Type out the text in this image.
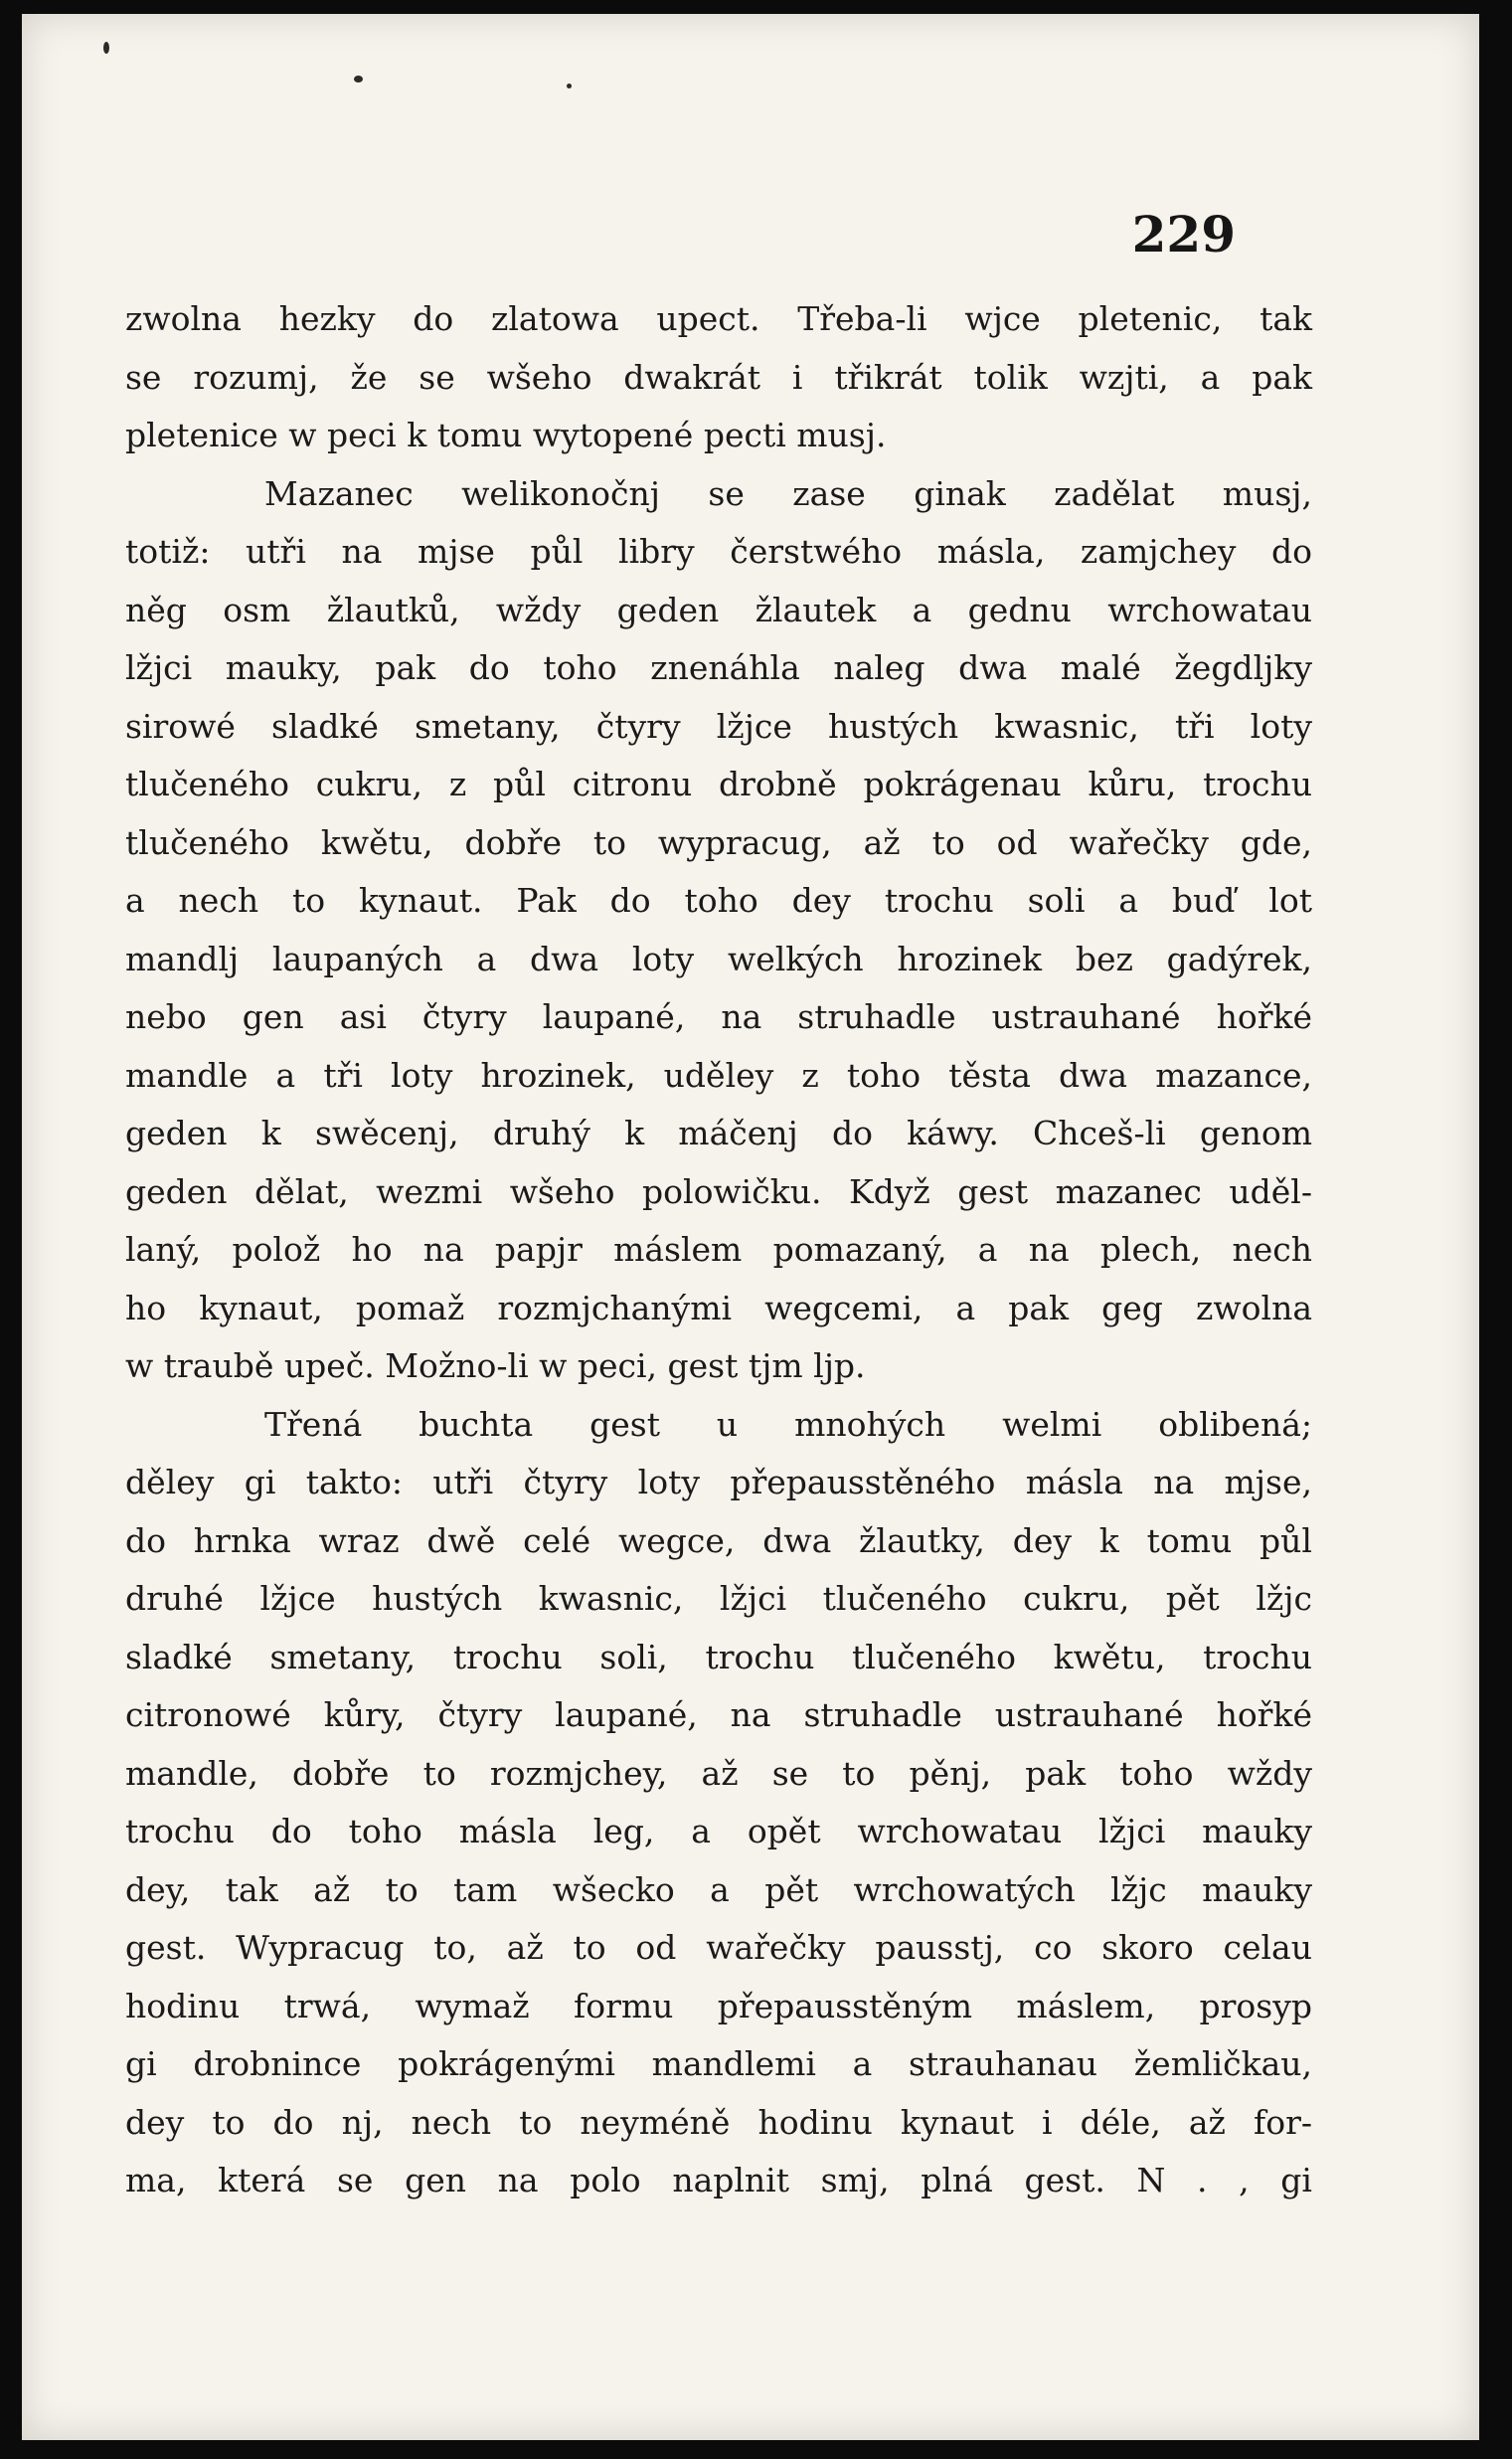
229
zwolna hezky do zlatowa upect. Třeba-li wjce pletenic, tak
se rozumj, že se wšeho dwakrát i třikrát tolik wzjti, a pak
pletenice w peci k tomu wytopené pecti musj.
Mazanec welikonočnj se zase ginak zadělat musj,
totiž: utři na mjse půl libry čerstwého másla, zamjchey do
něg osm žlautků, wždy geden žlautek a gednu wrchowatau
lžjci mauky, pak do toho znenáhla naleg dwa malé žegdljky
sirowé sladké smetany, čtyry lžjce hustých kwasnic, tři loty
tlučeného cukru, z půl citronu drobně pokrágenau kůru, trochu
tlučeného kwětu, dobře to wypracug, až to od wařečky gde,
a nech to kynaut. Pak do toho dey trochu soli a buď lot
mandlj laupaných a dwa loty welkých hrozinek bez gadýrek,
nebo gen asi čtyry laupané, na struhadle ustrauhané hořké
mandle a tři loty hrozinek, uděley z toho těsta dwa mazance,
geden k swěcenj, druhý k máčenj do káwy. Chceš-li genom
geden dělat, wezmi wšeho polowičku. Když gest mazanec uděl-
laný, polož ho na papjr máslem pomazaný, a na plech, nech
ho kynaut, pomaž rozmjchanými wegcemi, a pak geg zwolna
w traubě upeč. Možno-li w peci, gest tjm ljp.
Třená buchta gest u mnohých welmi oblibená;
děley gi takto: utři čtyry loty přepausstěného másla na mjse,
do hrnka wraz dwě celé wegce, dwa žlautky, dey k tomu půl
druhé lžjce hustých kwasnic, lžjci tlučeného cukru, pět lžjc
sladké smetany, trochu soli, trochu tlučeného kwětu, trochu
citronowé kůry, čtyry laupané, na struhadle ustrauhané hořké
mandle, dobře to rozmjchey, až se to pěnj, pak toho wždy
trochu do toho másla leg, a opět wrchowatau lžjci mauky
dey, tak až to tam wšecko a pět wrchowatých lžjc mauky
gest. Wypracug to, až to od wařečky pausstj, co skoro celau
hodinu trwá, wymaž formu přepausstěným máslem, prosyp
gi drobnince pokrágenými mandlemi a strauhanau žemličkau,
dey to do nj, nech to neyméně hodinu kynaut i déle, až for-
ma, která se gen na polo naplnit smj, plná gest. N . , gi
